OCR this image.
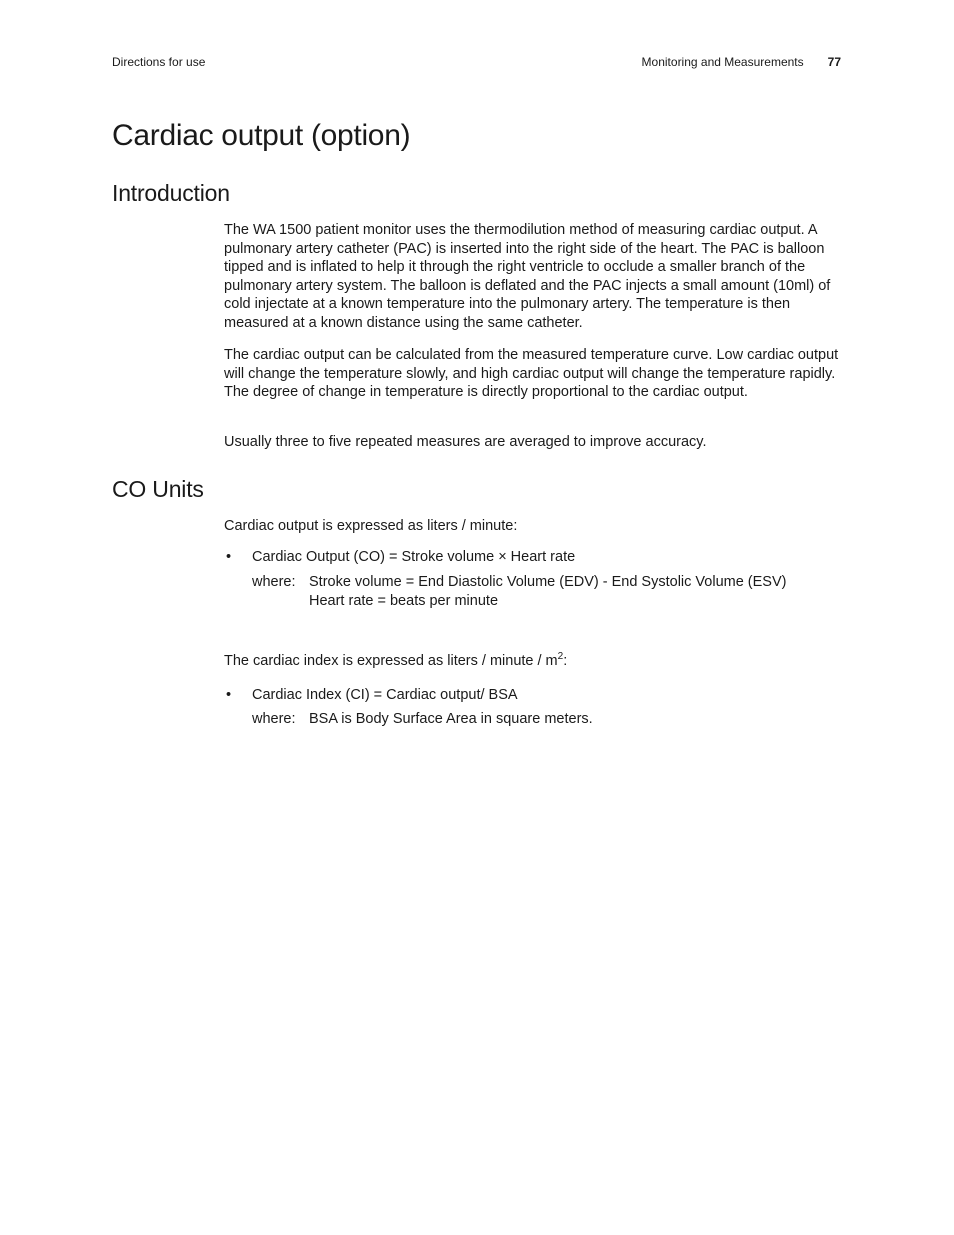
Directions for use	Monitoring and Measurements 77
Cardiac output (option)
Introduction

The WA 1500 patient monitor uses the thermodilution method of measuring cardiac output. A pulmonary artery catheter (PAC) is inserted into the right side of the heart. The PAC is balloon tipped and is inflated to help it through the right ventricle to occlude a smaller branch of the pulmonary artery system. The balloon is deflated and the PAC injects a small amount (10ml) of cold injectate at a known temperature into the pulmonary artery. The temperature is then measured at a known distance using the same catheter.

The cardiac output can be calculated from the measured temperature curve. Low cardiac output will change the temperature slowly, and high cardiac output will change the temperature rapidly. The degree of change in temperature is directly proportional to the cardiac output.

Usually three to five repeated measures are averaged to improve accuracy.

CO Units

Cardiac output is expressed as liters / minute:

• Cardiac Output (CO) = Stroke volume × Heart rate
where: Stroke volume = End Diastolic Volume (EDV) - End Systolic Volume (ESV)
Heart rate = beats per minute

The cardiac index is expressed as liters / minute / $m^2$:

• Cardiac Index (CI) = Cardiac output/ BSA
where: BSA is Body Surface Area in square meters.
